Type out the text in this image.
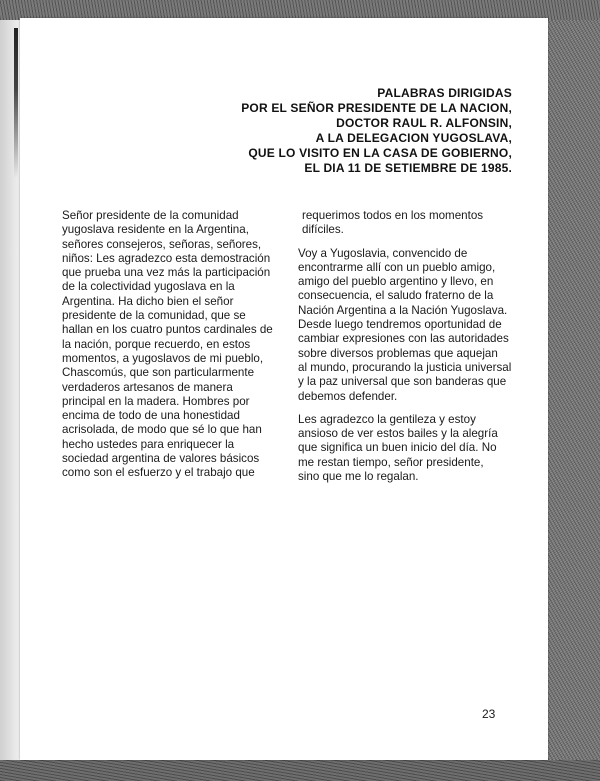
PALABRAS DIRIGIDAS
POR EL SEÑOR PRESIDENTE DE LA NACION,
DOCTOR RAUL R. ALFONSIN,
A LA DELEGACION YUGOSLAVA,
QUE LO VISITO EN LA CASA DE GOBIERNO,
EL DIA 11 DE SETIEMBRE DE 1985.

Señor presidente de la comunidad
yugoslava residente en la Argentina,
señores consejeros, señoras, señores,
niños: Les agradezco esta demostración
que prueba una vez más la participación
de la colectividad yugoslava en la
Argentina. Ha dicho bien el señor
presidente de la comunidad, que se
hallan en los cuatro puntos cardinales de
la nación, porque recuerdo, en estos
momentos, a yugoslavos de mi pueblo,
Chascomús, que son particularmente
verdaderos artesanos de manera
principal en la madera. Hombres por
encima de todo de una honestidad
acrisolada, de modo que sé lo que han
hecho ustedes para enriquecer la
sociedad argentina de valores básicos
como son el esfuerzo y el trabajo que

requerimos todos en los momentos
difíciles.

Voy a Yugoslavia, convencido de
encontrarme allí con un pueblo amigo,
amigo del pueblo argentino y llevo, en
consecuencia, el saludo fraterno de la
Nación Argentina a la Nación Yugoslava.
Desde luego tendremos oportunidad de
cambiar expresiones con las autoridades
sobre diversos problemas que aquejan
al mundo, procurando la justicia universal
y la paz universal que son banderas que
debemos defender.

Les agradezco la gentileza y estoy
ansioso de ver estos bailes y la alegría
que significa un buen inicio del día. No
me restan tiempo, señor presidente,
sino que me lo regalan.

23
